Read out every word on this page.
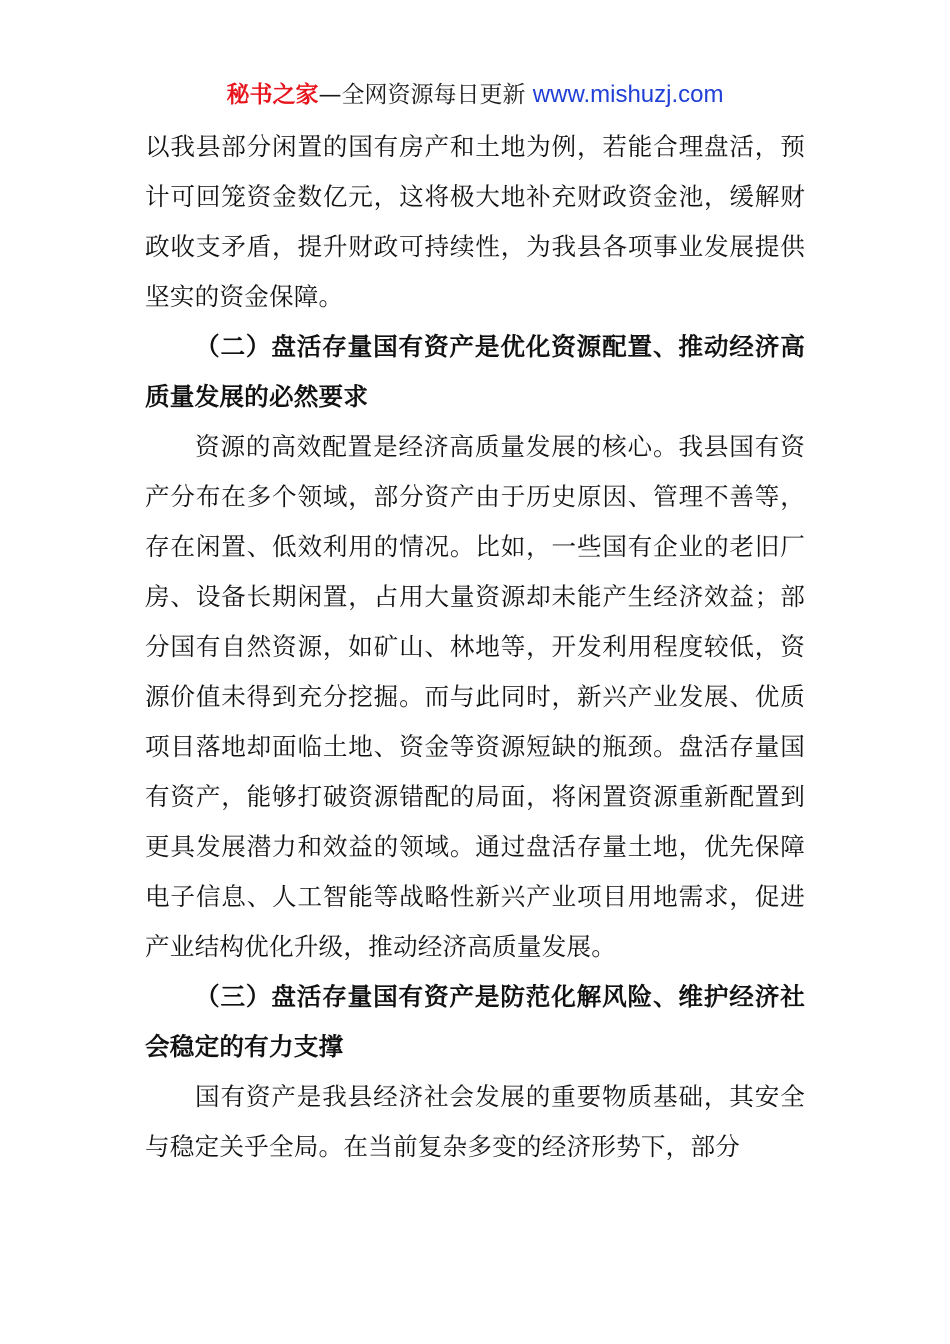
秘书之家—全网资源每日更新 www.mishuzj.com

以我县部分闲置的国有房产和土地为例，若能合理盘活，预计可回笼资金数亿元，这将极大地补充财政资金池，缓解财政收支矛盾，提升财政可持续性，为我县各项事业发展提供坚实的资金保障。

（二）盘活存量国有资产是优化资源配置、推动经济高质量发展的必然要求

资源的高效配置是经济高质量发展的核心。我县国有资产分布在多个领域，部分资产由于历史原因、管理不善等，存在闲置、低效利用的情况。比如，一些国有企业的老旧厂房、设备长期闲置，占用大量资源却未能产生经济效益；部分国有自然资源，如矿山、林地等，开发利用程度较低，资源价值未得到充分挖掘。而与此同时，新兴产业发展、优质项目落地却面临土地、资金等资源短缺的瓶颈。盘活存量国有资产，能够打破资源错配的局面，将闲置资源重新配置到更具发展潜力和效益的领域。通过盘活存量土地，优先保障电子信息、人工智能等战略性新兴产业项目用地需求，促进产业结构优化升级，推动经济高质量发展。

（三）盘活存量国有资产是防范化解风险、维护经济社会稳定的有力支撑

国有资产是我县经济社会发展的重要物质基础，其安全与稳定关乎全局。在当前复杂多变的经济形势下，部分
